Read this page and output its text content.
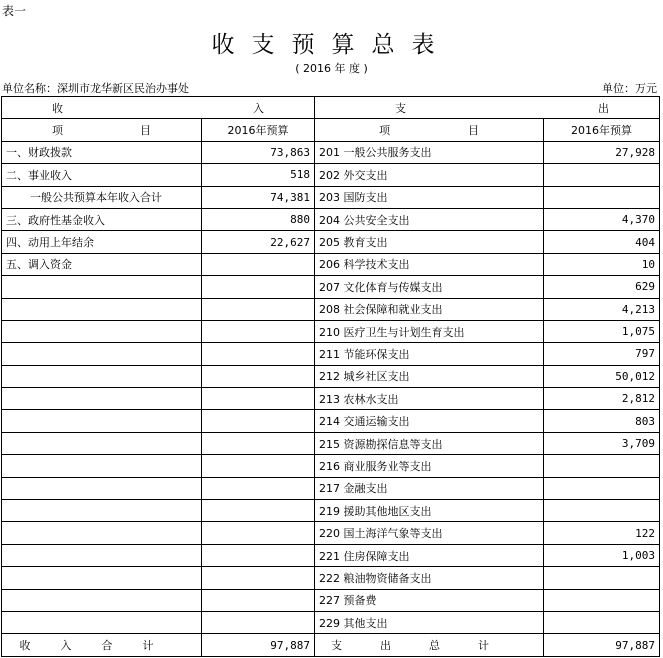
表一
收支预算总表
( 2016 年 度 )
单位名称：深圳市龙华新区民治办事处	单位：万元
收 入		支 出	

项 目	2016年预算	项 目	2016年预算
一、财政拨款	73,863	201 一般公共服务支出	27,928
二、事业收入	518	202 外交支出	
一般公共预算本年收入合计	74,381	203 国防支出	
三、政府性基金收入	880	204 公共安全支出	4,370
四、动用上年结余	22,627	205 教育支出	404
五、调入资金		206 科学技术支出	10
		207 文化体育与传媒支出	629
		208 社会保障和就业支出	4,213
		210 医疗卫生与计划生育支出	1,075
		211 节能环保支出	797
		212 城乡社区支出	50,012
		213 农林水支出	2,812
		214 交通运输支出	803
		215 资源勘探信息等支出	3,709
		216 商业服务业等支出	
		217 金融支出	
		219 援助其他地区支出	
		220 国土海洋气象等支出	122
		221 住房保障支出	1,003
		222 粮油物资储备支出	
		227 预备费	
		229 其他支出	
收入合计	97,887	支出总计	97,887
